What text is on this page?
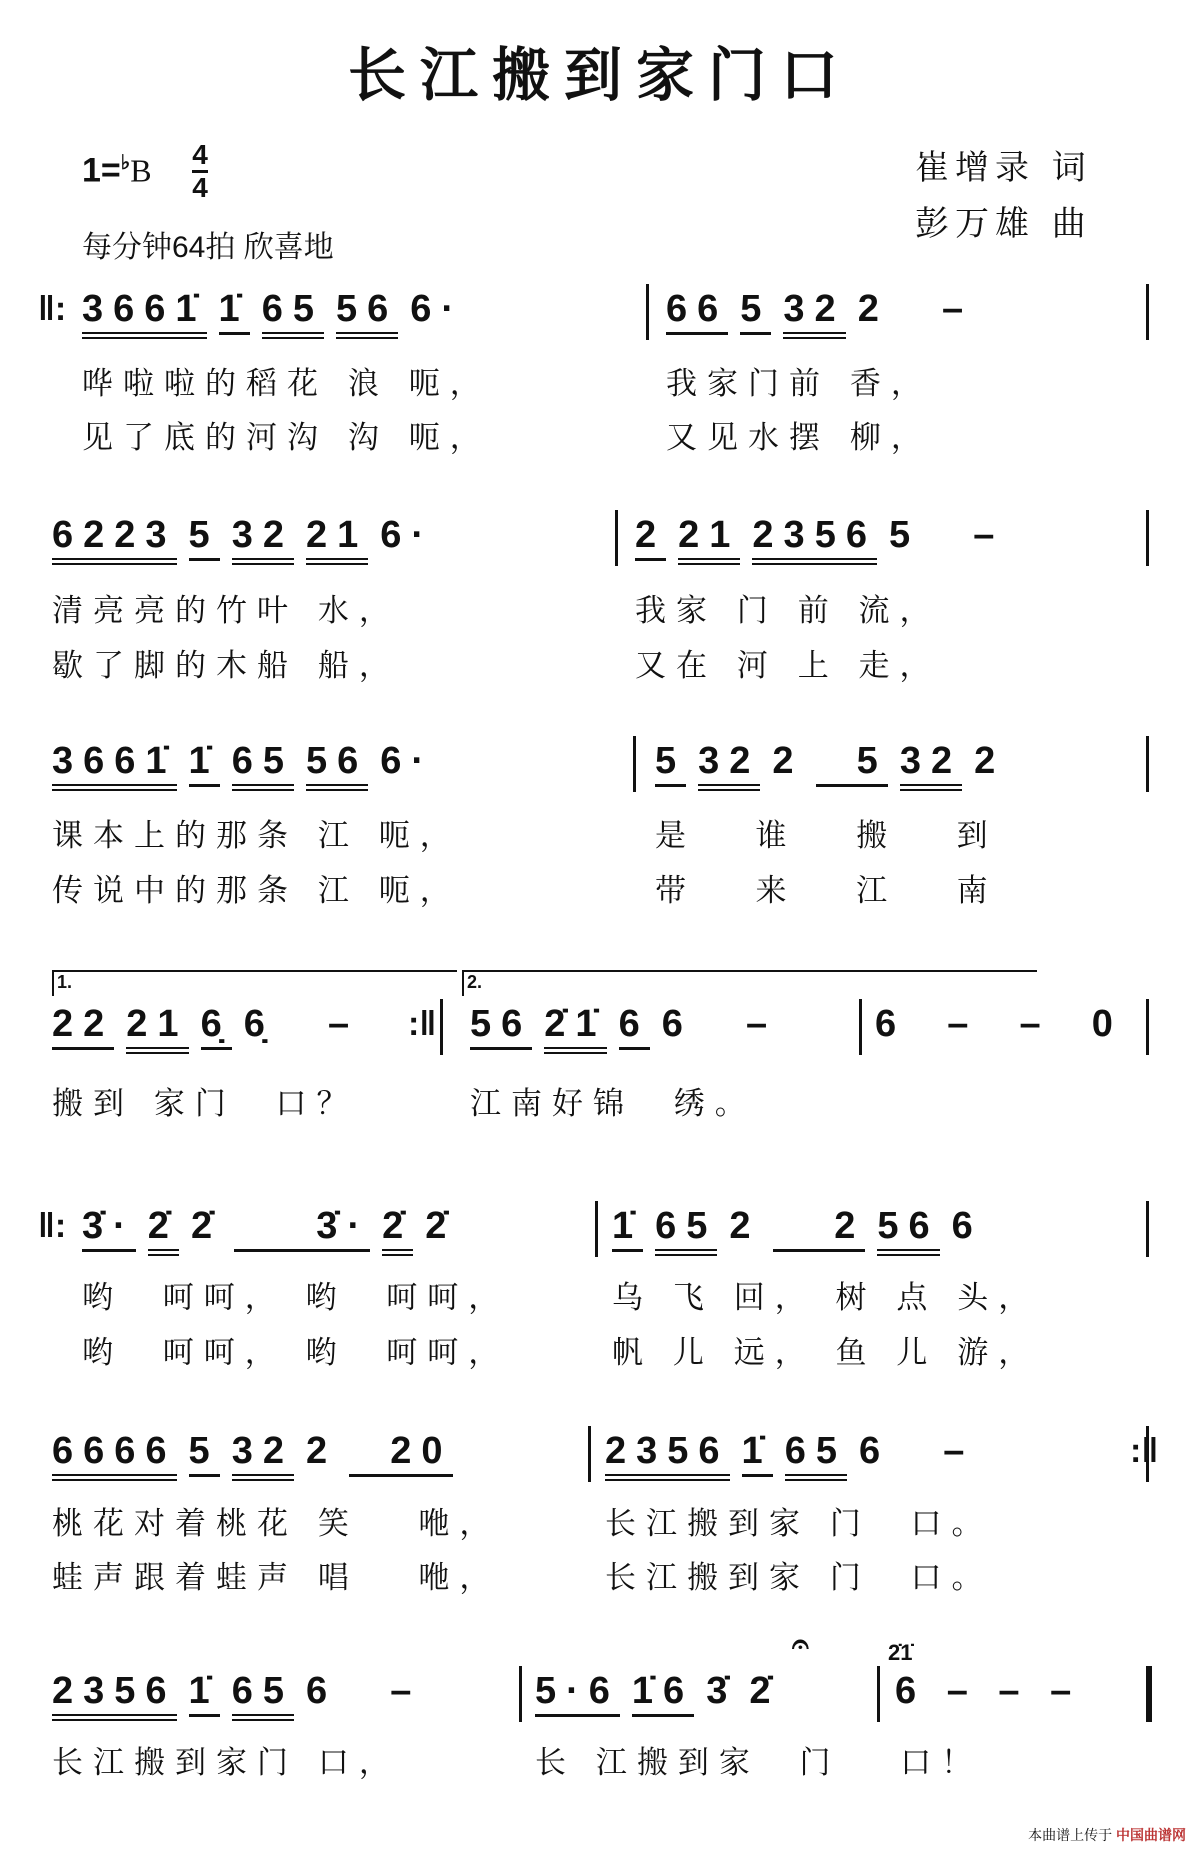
长江搬到家门口
1=♭B 4
4
每分钟64拍 欣喜地
崔增录 词
彭万雄 曲
3661̇ 1̇ 65 56 6·	66 5 32 2  –
哗啦啦的稻花 浪 呃，	我家门前 香，
见了底的河沟 沟 呃，	又见水摆 柳，
6223 5 32 21 6·	2 21 2356 5  –
清亮亮的竹叶 水，	我家 门 前 流，
歇了脚的木船 船，	又在 河 上 走，
3661̇ 1̇ 65 56 6·	5 32 2  5 32 2
课本上的那条 江 呃，	是   谁   搬   到
传说中的那条 江 呃，	带   来   江   南
22 21 6̣ 6̣  –	56 2̇1̇ 6 6  –	6  –  –  0
搬到 家门  口？	江南好锦  绣。
3̇· 2̇ 2̇    3̇· 2̇ 2̇	1̇ 65 2   2 56 6
哟  呵呵， 哟  呵呵，	乌 飞 回， 树 点 头，
哟  呵呵， 哟  呵呵，	帆 儿 远， 鱼 儿 游，
6666 5 32 2  20	2356 1̇ 65 6  –
桃花对着桃花 笑   咃，	长江搬到家 门  口。
蛙声跟着蛙声 唱   咃，	长江搬到家 门  口。
2356 1̇ 65 6  –	5·6 1̇6 3̇ 2̇	6 – – –
长江搬到家门 口，	长 江搬到家  门   口！
‖:
‖:
:‖
:‖
1.	2.
2̇1̇
𝄐
本曲谱上传于 中国曲谱网
